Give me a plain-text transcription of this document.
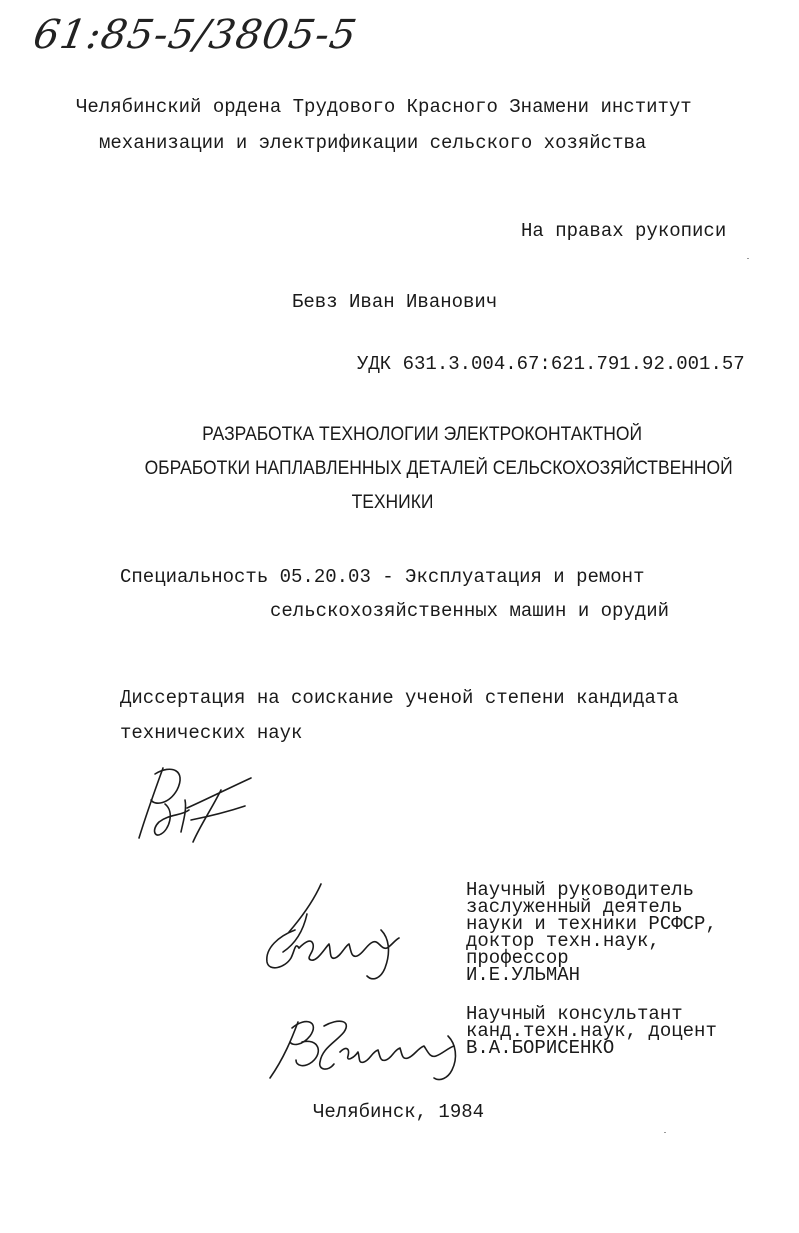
61:85-5/3805-5
Челябинский ордена Трудового Красного Знамени институт
механизации и электрификации сельского хозяйства
На правах рукописи
Бевз Иван Иванович
УДК 631.3.004.67:621.791.92.001.57
РАЗРАБОТКА ТЕХНОЛОГИИ ЭЛЕКТРОКОНТАКТНОЙ
ОБРАБОТКИ НАПЛАВЛЕННЫХ ДЕТАЛЕЙ СЕЛЬСКОХОЗЯЙСТВЕННОЙ
ТЕХНИКИ
Специальность 05.20.03 - Эксплуатация и ремонт
сельскохозяйственных машин и орудий
Диссертация на соискание ученой степени кандидата
технических наук
Научный руководитель
заслуженный деятель
науки и техники РСФСР,
доктор техн.наук,
профессор
И.Е.УЛЬМАН
Научный консультант
канд.техн.наук, доцент
В.А.БОРИСЕНКО
Челябинск, 1984
